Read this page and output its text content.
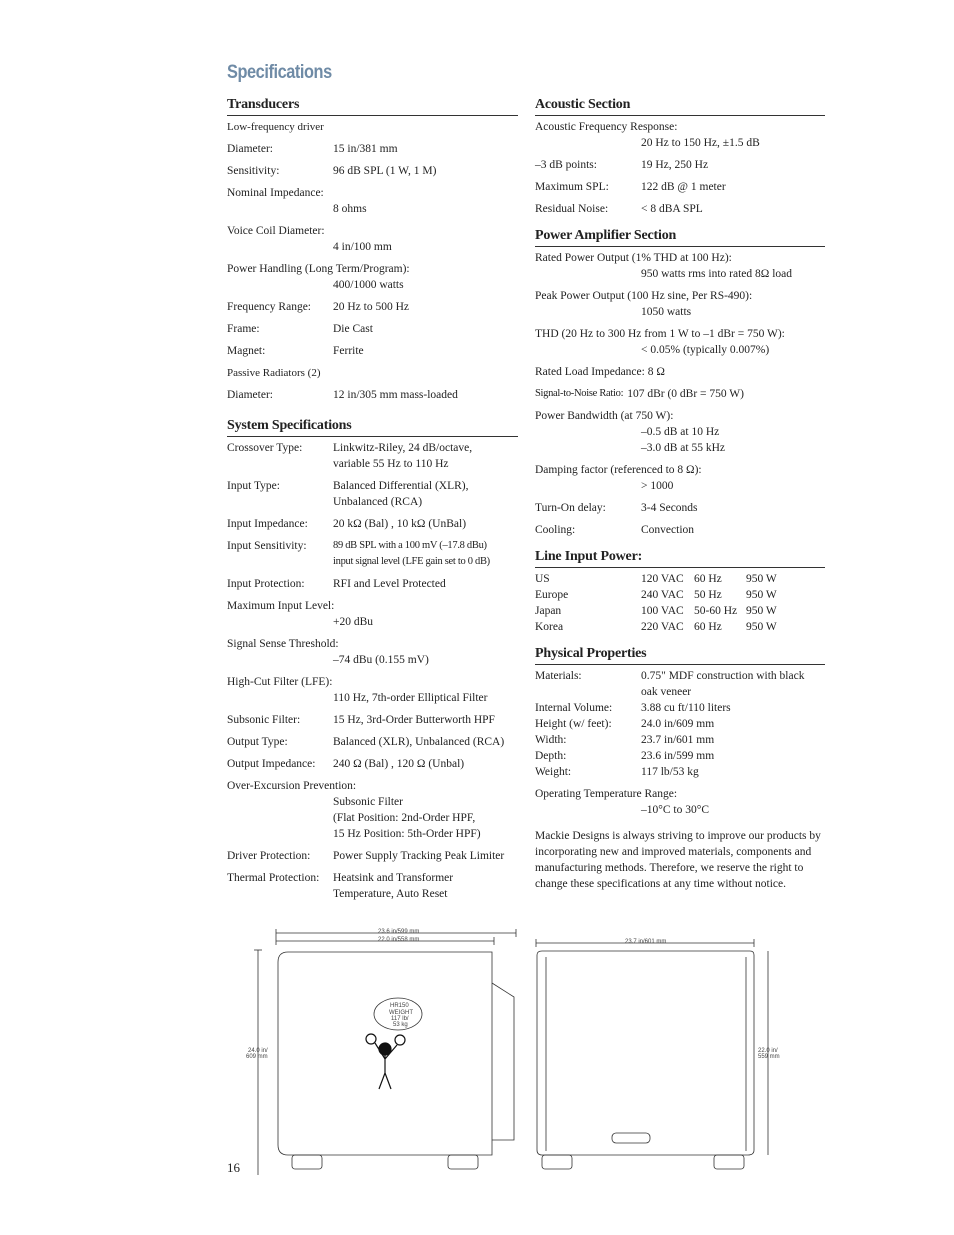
Specifications
Transducers
Low-frequency driver
Diameter:	15 in/381 mm
Sensitivity:	96 dB SPL (1 W, 1 M)
Nominal Impedance:
8 ohms
Voice Coil Diameter:
4 in/100 mm
Power Handling (Long Term/Program):
400/1000 watts
Frequency Range:	20 Hz to 500 Hz
Frame:	Die Cast
Magnet:	Ferrite
Passive Radiators (2)
Diameter:	12 in/305 mm mass-loaded
System Specifications
Crossover Type:	Linkwitz-Riley, 24 dB/octave,
variable 55 Hz to 110 Hz
Input Type:	Balanced Differential (XLR),
Unbalanced (RCA)
Input Impedance:	20 kΩ (Bal) , 10 kΩ (UnBal)
Input Sensitivity:	89 dB SPL with a 100 mV (–17.8 dBu)
input signal level (LFE gain set to 0 dB)
Input Protection:	RFI and Level Protected
Maximum Input Level:
+20 dBu
Signal Sense Threshold:
–74 dBu (0.155 mV)
High-Cut Filter (LFE):
110 Hz, 7th-order Elliptical Filter
Subsonic Filter:	15 Hz, 3rd-Order Butterworth HPF
Output Type:	Balanced (XLR), Unbalanced (RCA)
Output Impedance:	240 Ω (Bal) , 120 Ω (Unbal)
Over-Excursion Prevention:
Subsonic Filter
(Flat Position: 2nd-Order HPF,
15 Hz Position: 5th-Order HPF)
Driver Protection:	Power Supply Tracking Peak Limiter
Thermal Protection:	Heatsink and Transformer
Temperature, Auto Reset
Acoustic Section
Acoustic Frequency Response:
20 Hz to 150 Hz, ±1.5 dB
–3 dB points:	19 Hz, 250 Hz
Maximum SPL:	122 dB @ 1 meter
Residual Noise:	< 8 dBA SPL
Power Amplifier Section
Rated Power Output (1% THD at 100 Hz):
950 watts rms into rated 8Ω load
Peak Power Output (100 Hz sine, Per RS-490):
1050 watts
THD (20 Hz to 300 Hz from 1 W to –1 dBr = 750 W):
< 0.05% (typically 0.007%)
Rated Load Impedance: 8 Ω
Signal-to-Noise Ratio: 107 dBr (0 dBr = 750 W)
Power Bandwidth (at 750 W):
–0.5 dB at 10 Hz
–3.0 dB at 55 kHz
Damping factor (referenced to 8 Ω):
> 1000
Turn-On delay:	3-4 Seconds
Cooling:	Convection
Line Input Power:
US	120 VAC	60 Hz	950 W
Europe	240 VAC	50 Hz	950 W
Japan	100 VAC	50-60 Hz	950 W
Korea	220 VAC	60 Hz	950 W
Physical Properties
Materials:	0.75" MDF construction with black
oak veneer
Internal Volume:	3.88 cu ft/110 liters
Height (w/ feet):	24.0 in/609 mm
Width:	23.7 in/601 mm
Depth:	23.6 in/599 mm
Weight:	117 lb/53 kg
Operating Temperature Range:
–10°C to 30°C
Mackie Designs is always striving to improve our products by incorporating new and improved materials, components and manufacturing methods. Therefore, we reserve the right to change these specifications at any time without notice.
23.6 in/599 mm
22.0 in/558 mm
24.0 in/
609 mm
HR150
WEIGHT
117 lb/
53 kg
23.7 in/601 mm
22.0 in/
559 mm
16
